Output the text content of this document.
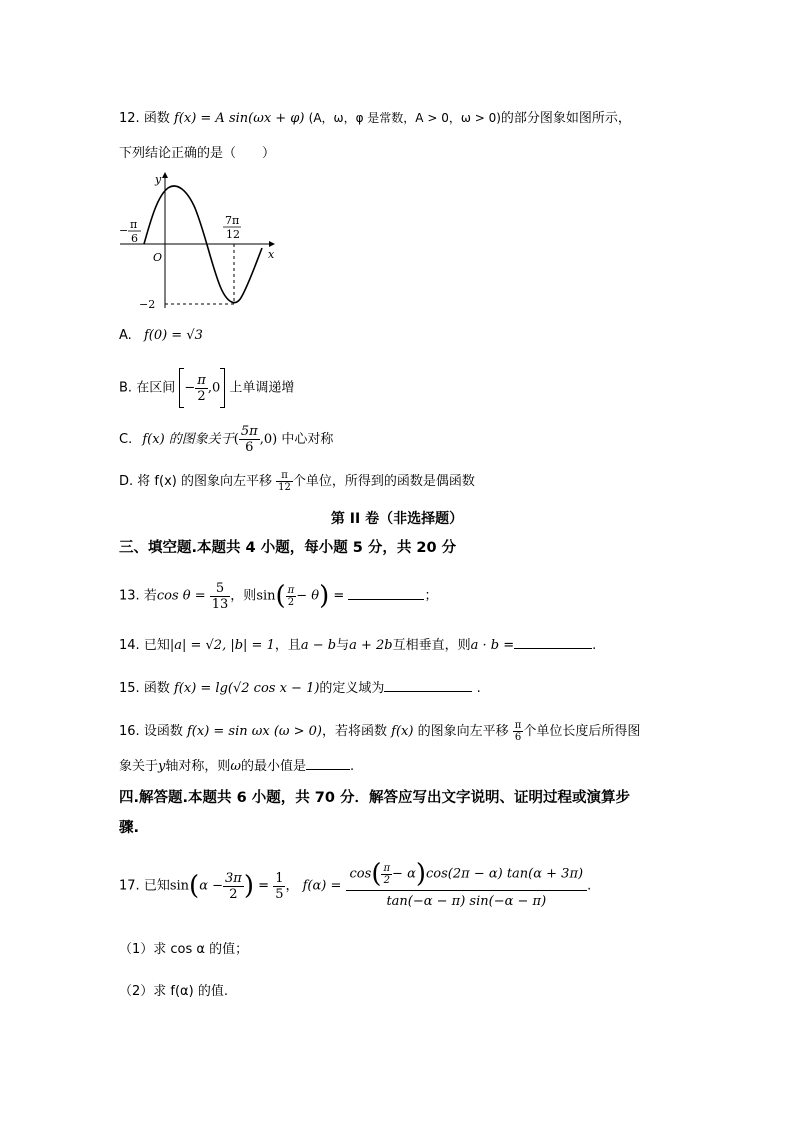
12. 函数 f(x) = A sin(ωx + φ) (A，ω，φ 是常数，A > 0，ω > 0)的部分图象如图所示，
下列结论正确的是（　　）
y
x
O
− π
6
7π
12
−2
A. f(0) = √3
B. 在区间 − $\frac{\pi}{2} ,0$ 上单调递增
C. f(x) 的图象关于( $\frac{5\pi}{6} ,0$) 中心对称
D. 将 f(x) 的图象向左平移 $\frac{\pi}{12}$ 个单位，所得到的函数是偶函数
第 II 卷（非选择题）
三、填空题.本题共 4 小题，每小题 5 分，共 20 分
13. 若$\cos \theta = \frac{5}{13}$ ，则$\sin( \frac{\pi}{2} - \theta)$ =	；
14. 已知|a| = √2, |b| = 1，且a − b与a + 2b互相垂直，则a · b =	.
15. 函数 f(x) = lg(√2 cos x − 1)的定义域为	.
16. 设函数 f(x) = sin ωx (ω > 0)，若将函数 f(x) 的图象向左平移 $\frac{\pi}{6}$ 个单位长度后所得图
象关于y轴对称，则ω的最小值是	.
四.解答题.本题共 6 小题，共 70 分．解答应写出文字说明、证明过程或演算步
骤.
17. 已知$\sin(\alpha - \frac{3\pi}{2}$ ) = $\frac{1}{5}$ ， $f(\alpha) = \frac{\cos( \frac{\pi}{2} - \alpha)\cos(2\pi - \alpha) \tan(\alpha + 3\pi)}{\tan(-\alpha - \pi) \sin(-\alpha - \pi)}$ .
（1）求 cos α 的值；
（2）求 f(α) 的值.
